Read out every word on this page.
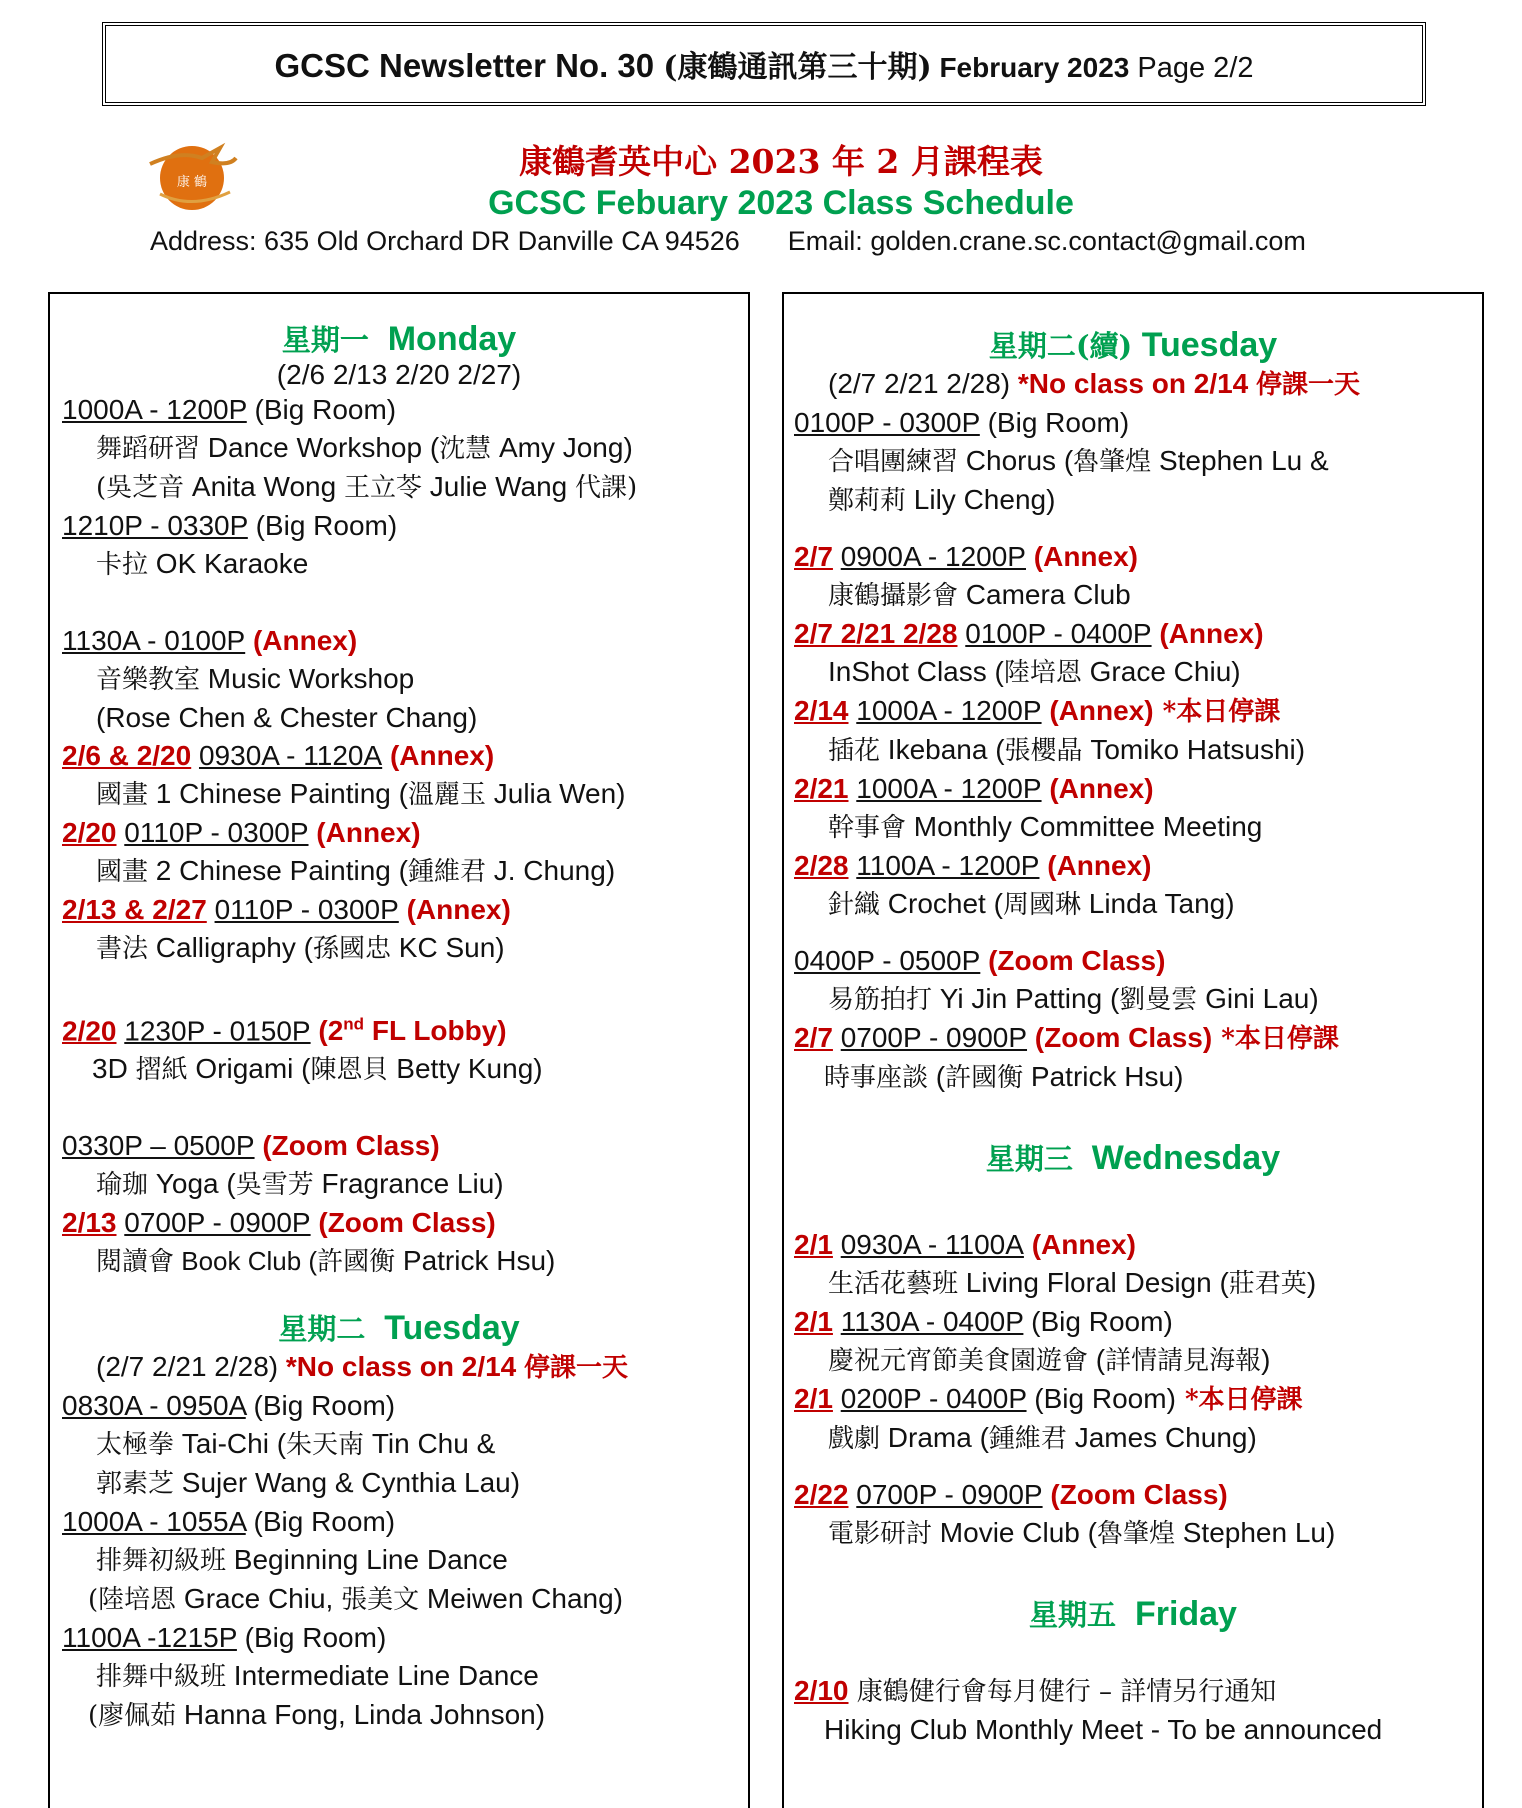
GCSC Newsletter No. 30 (康鶴通訊第三十期) February 2023 Page 2/2
康 鶴
康鶴耆英中心 2023 年 2 月課程表
GCSC Febuary 2023 Class Schedule
Address: 635 Old Orchard DR Danville CA 94526 Email: golden.crane.sc.contact@gmail.com
星期一 Monday
(2/6 2/13 2/20 2/27)
1000A - 1200P (Big Room)
舞蹈研習 Dance Workshop (沈慧 Amy Jong)
(吳芝音 Anita Wong 王立苓 Julie Wang 代課)
1210P - 0330P (Big Room)
卡拉 OK Karaoke
1130A - 0100P (Annex)
音樂教室 Music Workshop
(Rose Chen & Chester Chang)
2/6 & 2/20 0930A - 1120A (Annex)
國畫 1 Chinese Painting (溫麗玉 Julia Wen)
2/20 0110P - 0300P (Annex)
國畫 2 Chinese Painting (鍾維君 J. Chung)
2/13 & 2/27 0110P - 0300P (Annex)
書法 Calligraphy (孫國忠 KC Sun)
2/20 1230P - 0150P (2nd FL Lobby)
3D 摺紙 Origami (陳恩貝 Betty Kung)
0330P – 0500P (Zoom Class)
瑜珈 Yoga (吳雪芳 Fragrance Liu)
2/13 0700P - 0900P (Zoom Class)
閱讀會 Book Club (許國衡 Patrick Hsu)
星期二 Tuesday
(2/7 2/21 2/28) *No class on 2/14 停課一天
0830A - 0950A (Big Room)
太極拳 Tai-Chi (朱天南 Tin Chu &
郭素芝 Sujer Wang & Cynthia Lau)
1000A - 1055A (Big Room)
排舞初級班 Beginning Line Dance
(陸培恩 Grace Chiu, 張美文 Meiwen Chang)
1100A -1215P (Big Room)
排舞中級班 Intermediate Line Dance
(廖佩茹 Hanna Fong, Linda Johnson)
星期二(續) Tuesday
(2/7 2/21 2/28) *No class on 2/14 停課一天
0100P - 0300P (Big Room)
合唱團練習 Chorus (魯肇煌 Stephen Lu &
鄭莉莉 Lily Cheng)
2/7 0900A - 1200P (Annex)
康鶴攝影會 Camera Club
2/7 2/21 2/28 0100P - 0400P (Annex)
InShot Class (陸培恩 Grace Chiu)
2/14 1000A - 1200P (Annex) *本日停課
插花 Ikebana (張櫻晶 Tomiko Hatsushi)
2/21 1000A - 1200P (Annex)
幹事會 Monthly Committee Meeting
2/28 1100A - 1200P (Annex)
針織 Crochet (周國琳 Linda Tang)
0400P - 0500P (Zoom Class)
易筋拍打 Yi Jin Patting (劉曼雲 Gini Lau)
2/7 0700P - 0900P (Zoom Class) *本日停課
時事座談 (許國衡 Patrick Hsu)
星期三 Wednesday
2/1 0930A - 1100A (Annex)
生活花藝班 Living Floral Design (莊君英)
2/1 1130A - 0400P (Big Room)
慶祝元宵節美食園遊會 (詳情請見海報)
2/1 0200P - 0400P (Big Room) *本日停課
戲劇 Drama (鍾維君 James Chung)
2/22 0700P - 0900P (Zoom Class)
電影研討 Movie Club (魯肇煌 Stephen Lu)
星期五 Friday
2/10 康鶴健行會每月健行 – 詳情另行通知
Hiking Club Monthly Meet - To be announced
